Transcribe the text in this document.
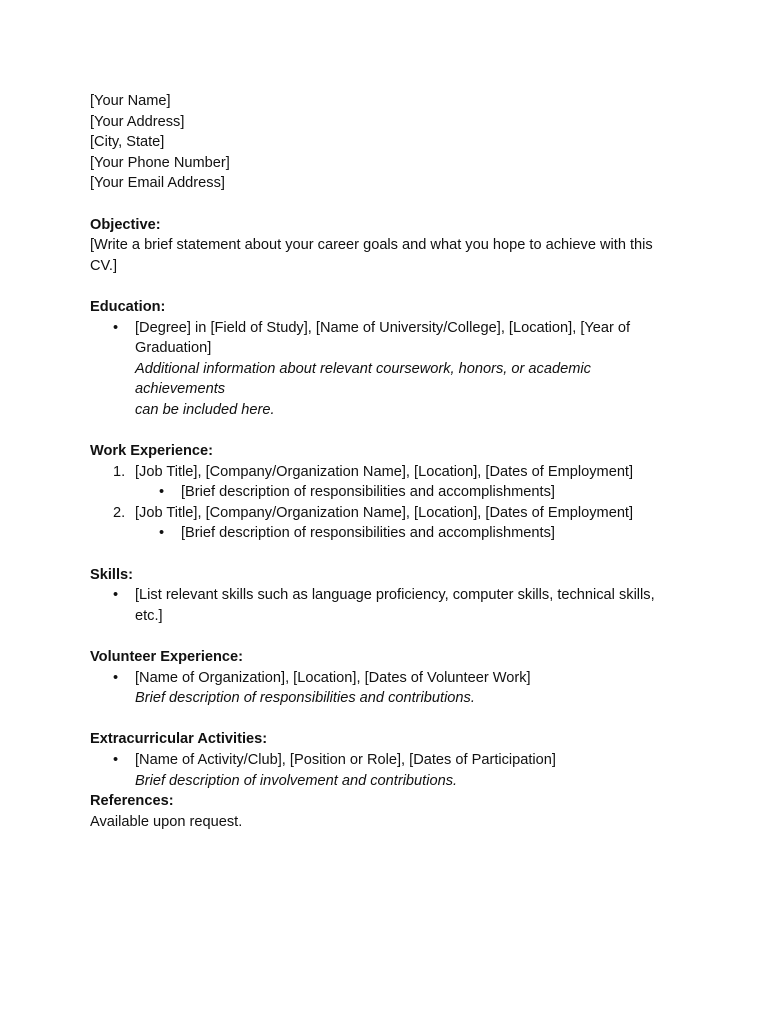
[Your Name]
[Your Address]
[City, State]
[Your Phone Number]
[Your Email Address]
Objective:
[Write a brief statement about your career goals and what you hope to achieve with this
CV.]
Education:
• [Degree] in [Field of Study], [Name of University/College], [Location], [Year of
Graduation]
Additional information about relevant coursework, honors, or academic
achievements
can be included here.
Work Experience:
1. [Job Title], [Company/Organization Name], [Location], [Dates of Employment]
• [Brief description of responsibilities and accomplishments]
2. [Job Title], [Company/Organization Name], [Location], [Dates of Employment]
• [Brief description of responsibilities and accomplishments]
Skills:
• [List relevant skills such as language proficiency, computer skills, technical skills,
etc.]
Volunteer Experience:
• [Name of Organization], [Location], [Dates of Volunteer Work]
Brief description of responsibilities and contributions.
Extracurricular Activities:
• [Name of Activity/Club], [Position or Role], [Dates of Participation]
Brief description of involvement and contributions.
References:
Available upon request.
